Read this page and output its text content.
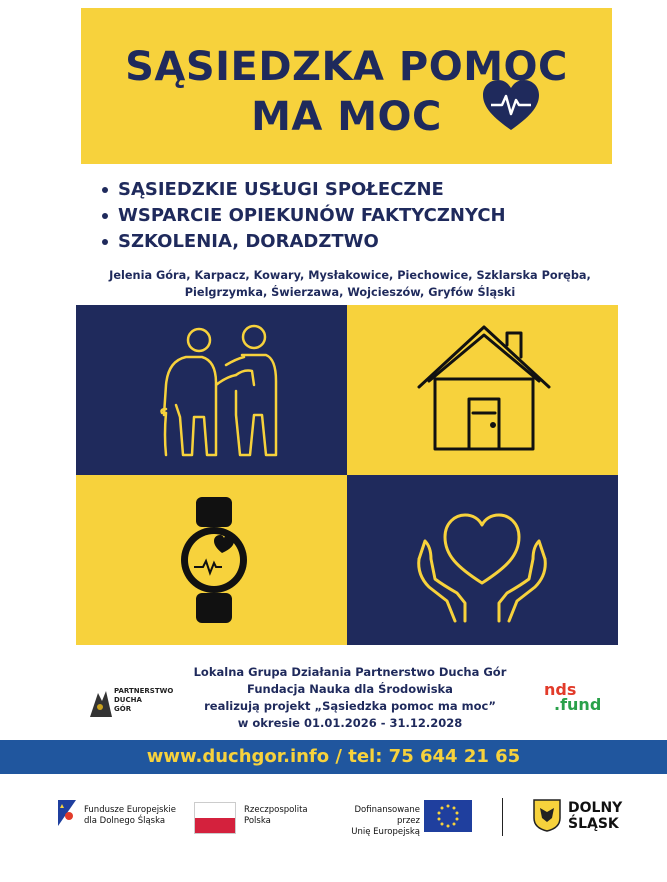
SĄSIEDZKA POMOC
MA MOC
SĄSIEDZKIE USŁUGI SPOŁECZNE
WSPARCIE OPIEKUNÓW FAKTYCZNYCH
SZKOLENIA, DORADZTWO
Jelenia Góra, Karpacz, Kowary, Mysłakowice, Piechowice, Szklarska Poręba,
Pielgrzymka, Świerzawa, Wojcieszów, Gryfów Śląski
PARTNERSTWO
DUCHA
GÓR
Lokalna Grupa Działania Partnerstwo Ducha Gór
Fundacja Nauka dla Środowiska
realizują projekt „Sąsiedzka pomoc ma moc”
w okresie 01.01.2026 - 31.12.2028
nds
.fund
www.duchgor.info / tel: 75 644 21 65
Fundusze Europejskie
dla Dolnego Śląska
Rzeczpospolita
Polska
Dofinansowane przez
Unię Europejską
DOLNY
ŚLĄSK
